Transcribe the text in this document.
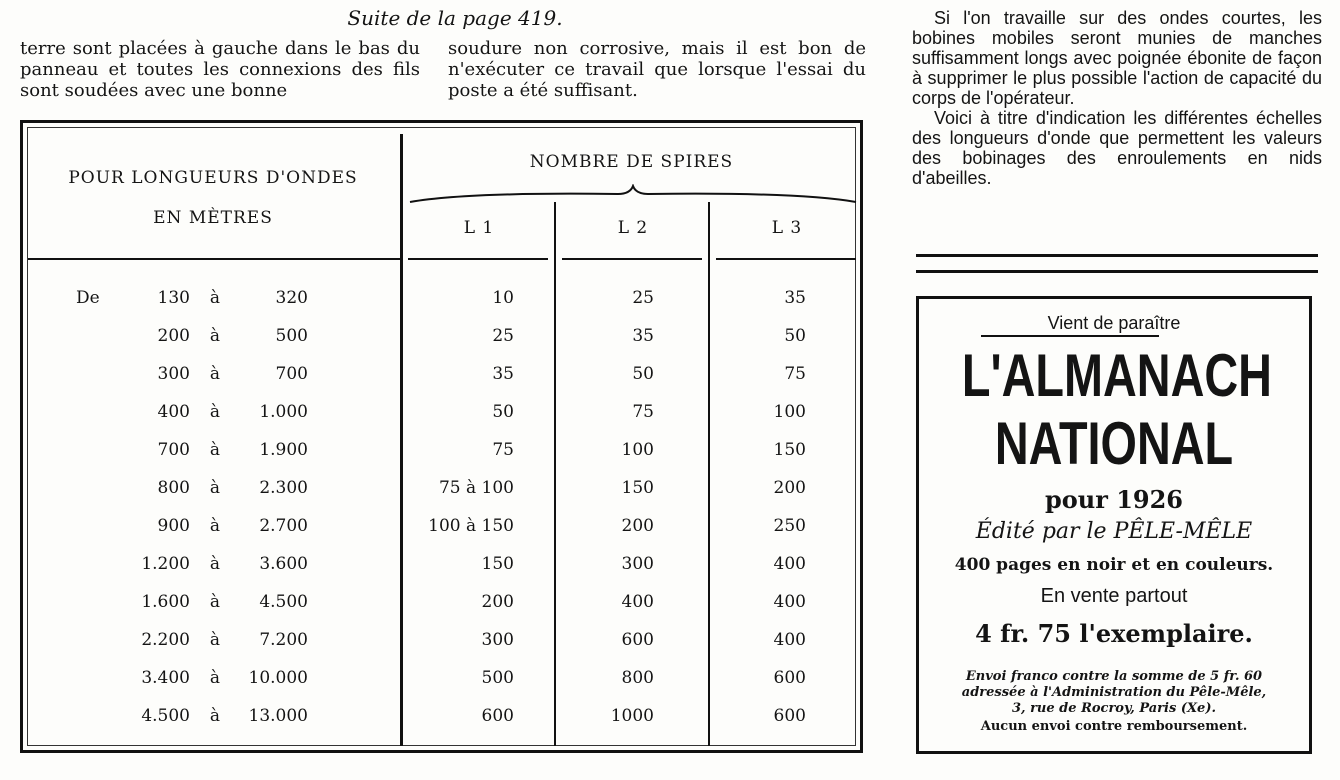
Suite de la page 419.

terre sont placées à gauche dans le bas du panneau et toutes les connexions des fils sont soudées avec une bonne

soudure non corrosive, mais il est bon de n'exécuter ce travail que lorsque l'essai du poste a été suffisant.

POUR LONGUEURS D'ONDES
EN MÈTRES
NOMBRE DE SPIRES
L 1	L 2	L 3
De	130	à	320	10	25	35
200	à	500	25	35	50
300	à	700	35	50	75
400	à	1.000	50	75	100
700	à	1.900	75	100	150
800	à	2.300	75 à 100	150	200
900	à	2.700	100 à 150	200	250
1.200	à	3.600	150	300	400
1.600	à	4.500	200	400	400
2.200	à	7.200	300	600	400
3.400	à	10.000	500	800	600
4.500	à	13.000	600	1000	600

Si l'on travaille sur des ondes courtes, les bobines mobiles seront munies de manches suffisamment longs avec poignée ébonite de façon à supprimer le plus possible l'action de capacité du corps de l'opérateur.

Voici à titre d'indication les différentes échelles des longueurs d'onde que permettent les valeurs des bobinages des enroulements en nids d'abeilles.

Vient de paraître
L'ALMANACH
NATIONAL
pour 1926
Édité par le PÊLE-MÊLE
400 pages en noir et en couleurs.
En vente partout
4 fr. 75 l'exemplaire.
Envoi franco contre la somme de 5 fr. 60
adressée à l'Administration du Pêle-Mêle,
3, rue de Rocroy, Paris (Xe).
Aucun envoi contre remboursement.
